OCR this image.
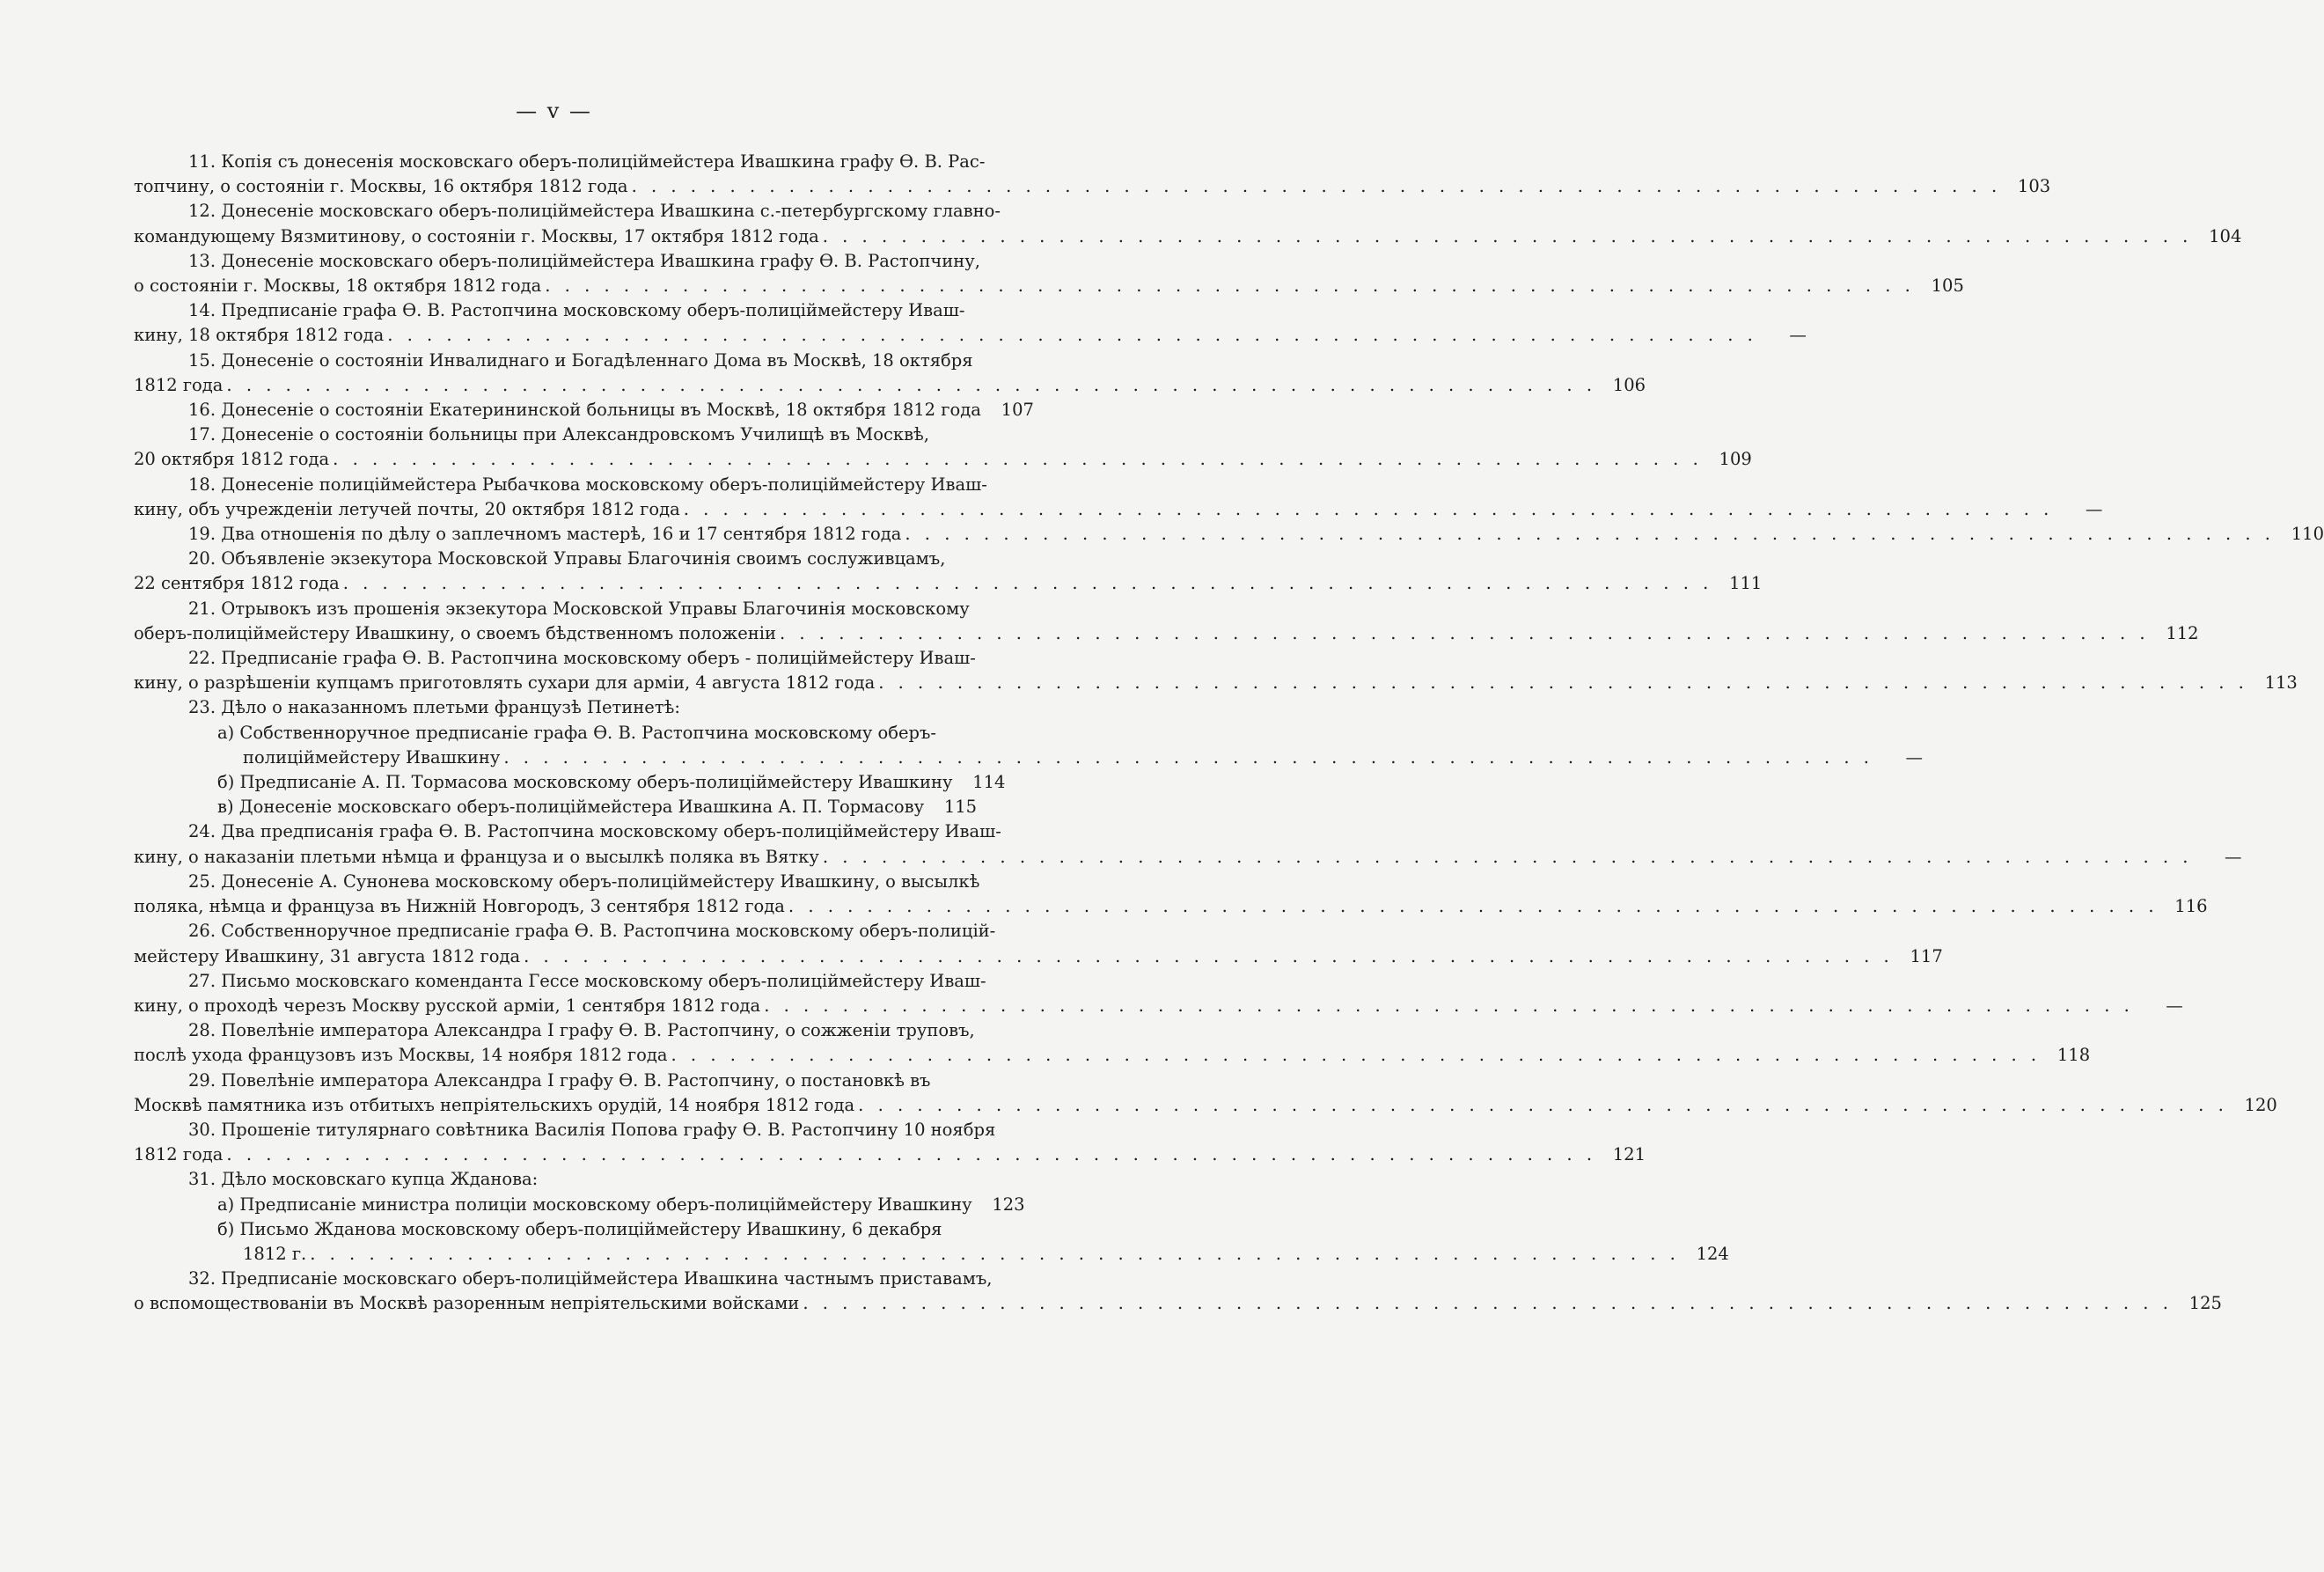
— v —
11. Копія съ донесенія московскаго оберъ-полиціймейстера Ивашкина графу Ѳ. В. Рас-
топчину, о состояніи г. Москвы, 16 октября 1812 года . . . . . . . . . . . . . . . . . . . . . . . . . . . . . . . . . . . . . . . . . . . . . . . . . . . . . . . . . . . . . . . . . . . . . . 103
12. Донесеніе московскаго оберъ-полиціймейстера Ивашкина с.-петербургскому главно-
командующему Вязмитинову, о состояніи г. Москвы, 17 октября 1812 года . . . . . . . . . . . . . . . . . . . . . . . . . . . . . . . . . . . . . . . . . . . . . . . . . . . . . . . . . . . . . . . . . . . . . . 104
13. Донесеніе московскаго оберъ-полиціймейстера Ивашкина графу Ѳ. В. Растопчину,
о состояніи г. Москвы, 18 октября 1812 года . . . . . . . . . . . . . . . . . . . . . . . . . . . . . . . . . . . . . . . . . . . . . . . . . . . . . . . . . . . . . . . . . . . . . . 105
14. Предписаніе графа Ѳ. В. Растопчина московскому оберъ-полиціймейстеру Иваш-
кину, 18 октября 1812 года . . . . . . . . . . . . . . . . . . . . . . . . . . . . . . . . . . . . . . . . . . . . . . . . . . . . . . . . . . . . . . . . . . . . . .	—
15. Донесеніе о состояніи Инвалиднаго и Богадѣленнаго Дома въ Москвѣ, 18 октября
1812 года . . . . . . . . . . . . . . . . . . . . . . . . . . . . . . . . . . . . . . . . . . . . . . . . . . . . . . . . . . . . . . . . . . . . . . 106
16. Донесеніе о состояніи Екатерининской больницы въ Москвѣ, 18 октября 1812 года	107
17. Донесеніе о состояніи больницы при Александровскомъ Училищѣ въ Москвѣ,
20 октября 1812 года . . . . . . . . . . . . . . . . . . . . . . . . . . . . . . . . . . . . . . . . . . . . . . . . . . . . . . . . . . . . . . . . . . . . . . 109
18. Донесеніе полиціймейстера Рыбачкова московскому оберъ-полиціймейстеру Иваш-
кину, объ учрежденіи летучей почты, 20 октября 1812 года . . . . . . . . . . . . . . . . . . . . . . . . . . . . . . . . . . . . . . . . . . . . . . . . . . . . . . . . . . . . . . . . . . . . . .	—
19. Два отношенія по дѣлу о заплечномъ мастерѣ, 16 и 17 сентября 1812 года . . . . . . . . . . . . . . . . . . . . . . . . . . . . . . . . . . . . . . . . . . . . . . . . . . . . . . . . . . . . . . . . . . . . . . 110
20. Объявленіе экзекутора Московской Управы Благочинія своимъ сослуживцамъ,
22 сентября 1812 года . . . . . . . . . . . . . . . . . . . . . . . . . . . . . . . . . . . . . . . . . . . . . . . . . . . . . . . . . . . . . . . . . . . . . . 111
21. Отрывокъ изъ прошенія экзекутора Московской Управы Благочинія московскому
оберъ-полиціймейстеру Ивашкину, о своемъ бѣдственномъ положеніи . . . . . . . . . . . . . . . . . . . . . . . . . . . . . . . . . . . . . . . . . . . . . . . . . . . . . . . . . . . . . . . . . . . . . . 112
22. Предписаніе графа Ѳ. В. Растопчина московскому оберъ - полиціймейстеру Иваш-
кину, о разрѣшеніи купцамъ приготовлять сухари для арміи, 4 августа 1812 года . . . . . . . . . . . . . . . . . . . . . . . . . . . . . . . . . . . . . . . . . . . . . . . . . . . . . . . . . . . . . . . . . . . . . . 113
23. Дѣло о наказанномъ плетьми французѣ Петинетѣ:
а) Собственноручное предписаніе графа Ѳ. В. Растопчина московскому оберъ-
полиціймейстеру Ивашкину . . . . . . . . . . . . . . . . . . . . . . . . . . . . . . . . . . . . . . . . . . . . . . . . . . . . . . . . . . . . . . . . . . . . . .	—
б) Предписаніе А. П. Тормасова московскому оберъ-полиціймейстеру Ивашкину	114
в) Донесеніе московскаго оберъ-полиціймейстера Ивашкина А. П. Тормасову	115
24. Два предписанія графа Ѳ. В. Растопчина московскому оберъ-полиціймейстеру Иваш-
кину, о наказаніи плетьми нѣмца и француза и о высылкѣ поляка въ Вятку . . . . . . . . . . . . . . . . . . . . . . . . . . . . . . . . . . . . . . . . . . . . . . . . . . . . . . . . . . . . . . . . . . . . . .	—
25. Донесеніе А. Сунонева московскому оберъ-полиціймейстеру Ивашкину, о высылкѣ
поляка, нѣмца и француза въ Нижній Новгородъ, 3 сентября 1812 года . . . . . . . . . . . . . . . . . . . . . . . . . . . . . . . . . . . . . . . . . . . . . . . . . . . . . . . . . . . . . . . . . . . . . . 116
26. Собственноручное предписаніе графа Ѳ. В. Растопчина московскому оберъ-полицій-
мейстеру Ивашкину, 31 августа 1812 года . . . . . . . . . . . . . . . . . . . . . . . . . . . . . . . . . . . . . . . . . . . . . . . . . . . . . . . . . . . . . . . . . . . . . . 117
27. Письмо московскаго коменданта Гессе московскому оберъ-полиціймейстеру Иваш-
кину, о проходѣ черезъ Москву русской арміи, 1 сентября 1812 года . . . . . . . . . . . . . . . . . . . . . . . . . . . . . . . . . . . . . . . . . . . . . . . . . . . . . . . . . . . . . . . . . . . . . .	—
28. Повелѣніе императора Александра I графу Ѳ. В. Растопчину, о сожженіи труповъ,
послѣ ухода французовъ изъ Москвы, 14 ноября 1812 года . . . . . . . . . . . . . . . . . . . . . . . . . . . . . . . . . . . . . . . . . . . . . . . . . . . . . . . . . . . . . . . . . . . . . . 118
29. Повелѣніе императора Александра I графу Ѳ. В. Растопчину, о постановкѣ въ
Москвѣ памятника изъ отбитыхъ непріятельскихъ орудій, 14 ноября 1812 года . . . . . . . . . . . . . . . . . . . . . . . . . . . . . . . . . . . . . . . . . . . . . . . . . . . . . . . . . . . . . . . . . . . . . . 120
30. Прошеніе титулярнаго совѣтника Василія Попова графу Ѳ. В. Растопчину 10 ноября
1812 года . . . . . . . . . . . . . . . . . . . . . . . . . . . . . . . . . . . . . . . . . . . . . . . . . . . . . . . . . . . . . . . . . . . . . . 121
31. Дѣло московскаго купца Жданова:
а) Предписаніе министра полиціи московскому оберъ-полиціймейстеру Ивашкину	123
б) Письмо Жданова московскому оберъ-полиціймейстеру Ивашкину, 6 декабря
1812 г. . . . . . . . . . . . . . . . . . . . . . . . . . . . . . . . . . . . . . . . . . . . . . . . . . . . . . . . . . . . . . . . . . . . . . . 124
32. Предписаніе московскаго оберъ-полиціймейстера Ивашкина частнымъ приставамъ,
о вспомоществованіи въ Москвѣ разоренным непріятельскими войсками . . . . . . . . . . . . . . . . . . . . . . . . . . . . . . . . . . . . . . . . . . . . . . . . . . . . . . . . . . . . . . . . . . . . . . 125
